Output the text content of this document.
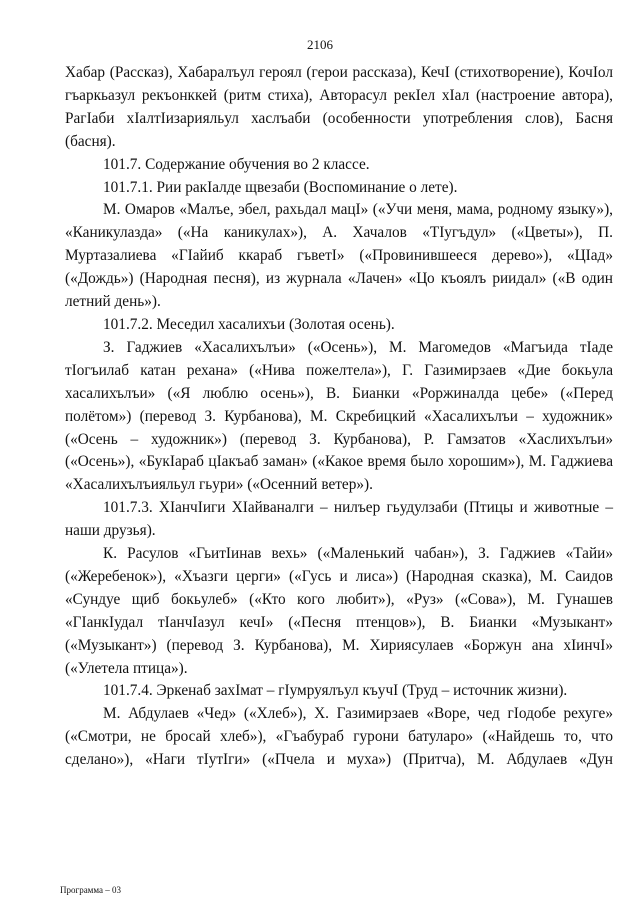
2106

Хабар (Рассказ), Хабаралъул героял (герои рассказа), КечӀ (стихотворение), КочӀол гъаркьазул рекъонккей (ритм стиха), Авторасул рекӀел хӀал (настроение автора), РагӀаби хӀалтӀизарияльул хаслъаби (особенности употребления слов), Басня (басня).

101.7. Содержание обучения во 2 классе.

101.7.1. Рии ракӀалде щвезаби (Воспоминание о лете).

М. Омаров «Малъе, эбел, рахьдал мацӀ» («Учи меня, мама, родному языку»), «Каникулазда» («На каникулах»), А. Хачалов «ТӀугъдул» («Цветы»), П. Муртазалиева «ГӀайиб ккараб гъветӀ» («Провинившееся дерево»), «ЦӀад» («Дождь») (Народная песня), из журнала «Лачен» «Цо къоялъ риидал» («В один летний день»).

101.7.2. Меседил хасалихъи (Золотая осень).

З. Гаджиев «Хасалихълъи» («Осень»), М. Магомедов «Магъида тӀаде тӀогъилаб катан рехана» («Нива пожелтела»), Г. Газимирзаев «Дие бокьула хасалихълъи» («Я люблю осень»), В. Бианки «Роржиналда цебе» («Перед полётом») (перевод З. Курбанова), М. Скребицкий «Хасалихълъи – художник» («Осень – художник») (перевод З. Курбанова), Р. Гамзатов «Хаслихълъи» («Осень»), «БукӀараб цӀакъаб заман» («Какое время было хорошим»), М. Гаджиева «Хасалихълъияльул гьури» («Осенний ветер»).

101.7.3. ХӀанчӀиги ХӀайваналги – нилъер гьудулзаби (Птицы и животные – наши друзья).

К. Расулов «ГьитӀинав вехь» («Маленький чабан»), З. Гаджиев «Тайи» («Жеребенок»), «Хъазги церги» («Гусь и лиса») (Народная сказка), М. Саидов «Сундуе щиб бокьулеб» («Кто кого любит»), «Руз» («Сова»), М. Гунашев «ГӀанкӀудал тӀанчӀазул кечӀ» («Песня птенцов»), В. Бианки «Музыкант» («Музыкант») (перевод З. Курбанова), М. Хириясулаев «Боржун ана хӀинчӀ» («Улетела птица»).

101.7.4. Эркенаб захӀмат – гӀумруялъул къучӀ (Труд – источник жизни).

М. Абдулаев «Чед» («Хлеб»), Х. Газимирзаев «Воре, чед гӀодобе рехуге» («Смотри, не бросай хлеб»), «Гъабураб гурони батуларо» («Найдешь то, что сделано»), «Наги тӀутӀги» («Пчела и муха») (Притча), М. Абдулаев «Дун

Программа – 03
